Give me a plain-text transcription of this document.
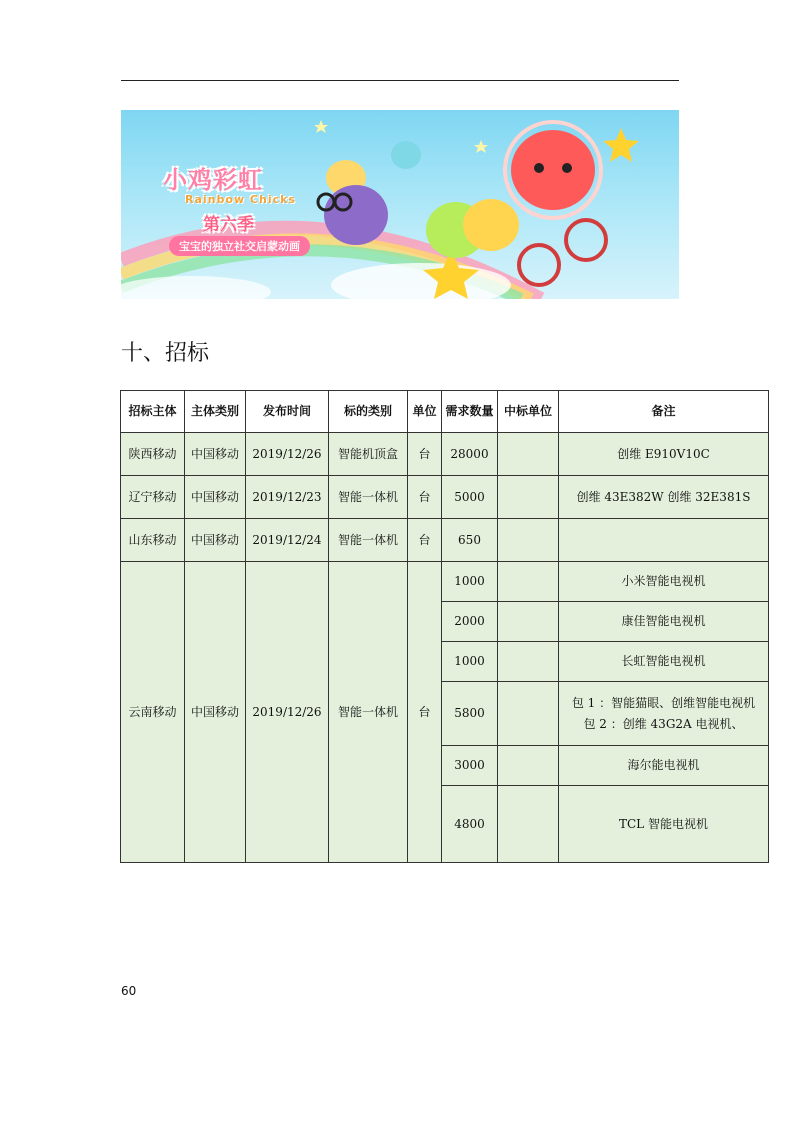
小鸡彩虹
Rainbow Chicks
第六季
宝宝的独立社交启蒙动画
十、招标
招标主体	主体类别	发布时间	标的类别	单位	需求数量	中标单位	备注
陕西移动	中国移动	2019/12/26	智能机顶盒	台	28000		创维 E910V10C
辽宁移动	中国移动	2019/12/23	智能一体机	台	5000		创维 43E382W 创维 32E381S
山东移动	中国移动	2019/12/24	智能一体机	台	650		
云南移动	中国移动	2019/12/26	智能一体机	台	1000		小米智能电视机
					2000		康佳智能电视机
					1000		长虹智能电视机
					5800		包 1 ：智能猫眼、创维智能电视机
包 2 ：创维 43G2A 电视机、

					3000		海尔能电视机
					4800		TCL 智能电视机
60
